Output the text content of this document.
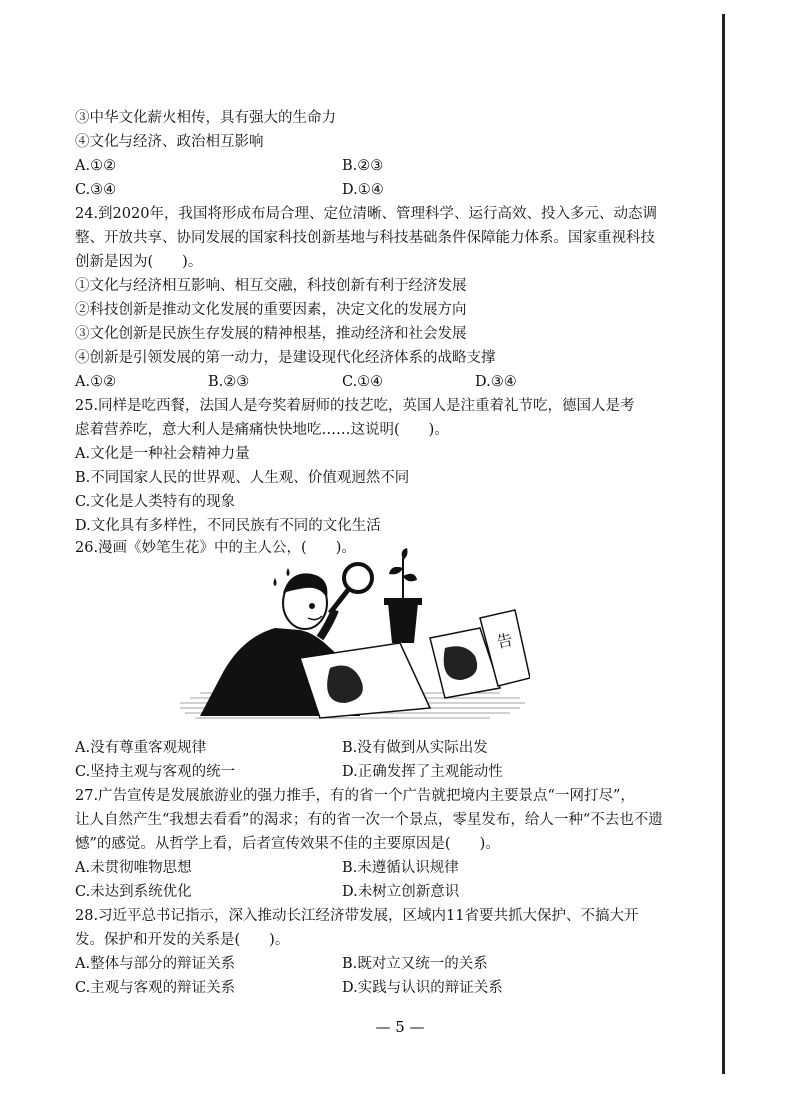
③中华文化薪火相传，具有强大的生命力
④文化与经济、政治相互影响
A.①②	B.②③
C.③④	D.①④
24.到2020年，我国将形成布局合理、定位清晰、管理科学、运行高效、投入多元、动态调
整、开放共享、协同发展的国家科技创新基地与科技基础条件保障能力体系。国家重视科技
创新是因为(　　)。
①文化与经济相互影响、相互交融，科技创新有利于经济发展
②科技创新是推动文化发展的重要因素，决定文化的发展方向
③文化创新是民族生存发展的精神根基，推动经济和社会发展
④创新是引领发展的第一动力，是建设现代化经济体系的战略支撑
A.①②	B.②③	C.①④	D.③④
25.同样是吃西餐，法国人是夸奖着厨师的技艺吃，英国人是注重着礼节吃，德国人是考
虑着营养吃，意大利人是痛痛快快地吃……这说明(　　)。
A.文化是一种社会精神力量
B.不同国家人民的世界观、人生观、价值观迥然不同
C.文化是人类特有的现象
D.文化具有多样性，不同民族有不同的文化生活
26.漫画《妙笔生花》中的主人公，(　　)。
告
A.没有尊重客观规律	B.没有做到从实际出发
C.坚持主观与客观的统一	D.正确发挥了主观能动性
27.广告宣传是发展旅游业的强力推手，有的省一个广告就把境内主要景点“一网打尽”，
让人自然产生“我想去看看”的渴求；有的省一次一个景点，零星发布，给人一种“不去也不遗
憾”的感觉。从哲学上看，后者宣传效果不佳的主要原因是(　　)。
A.未贯彻唯物思想	B.未遵循认识规律
C.未达到系统优化	D.未树立创新意识
28.习近平总书记指示，深入推动长江经济带发展，区域内11省要共抓大保护、不搞大开
发。保护和开发的关系是(　　)。
A.整体与部分的辩证关系	B.既对立又统一的关系
C.主观与客观的辩证关系	D.实践与认识的辩证关系
— 5 —
